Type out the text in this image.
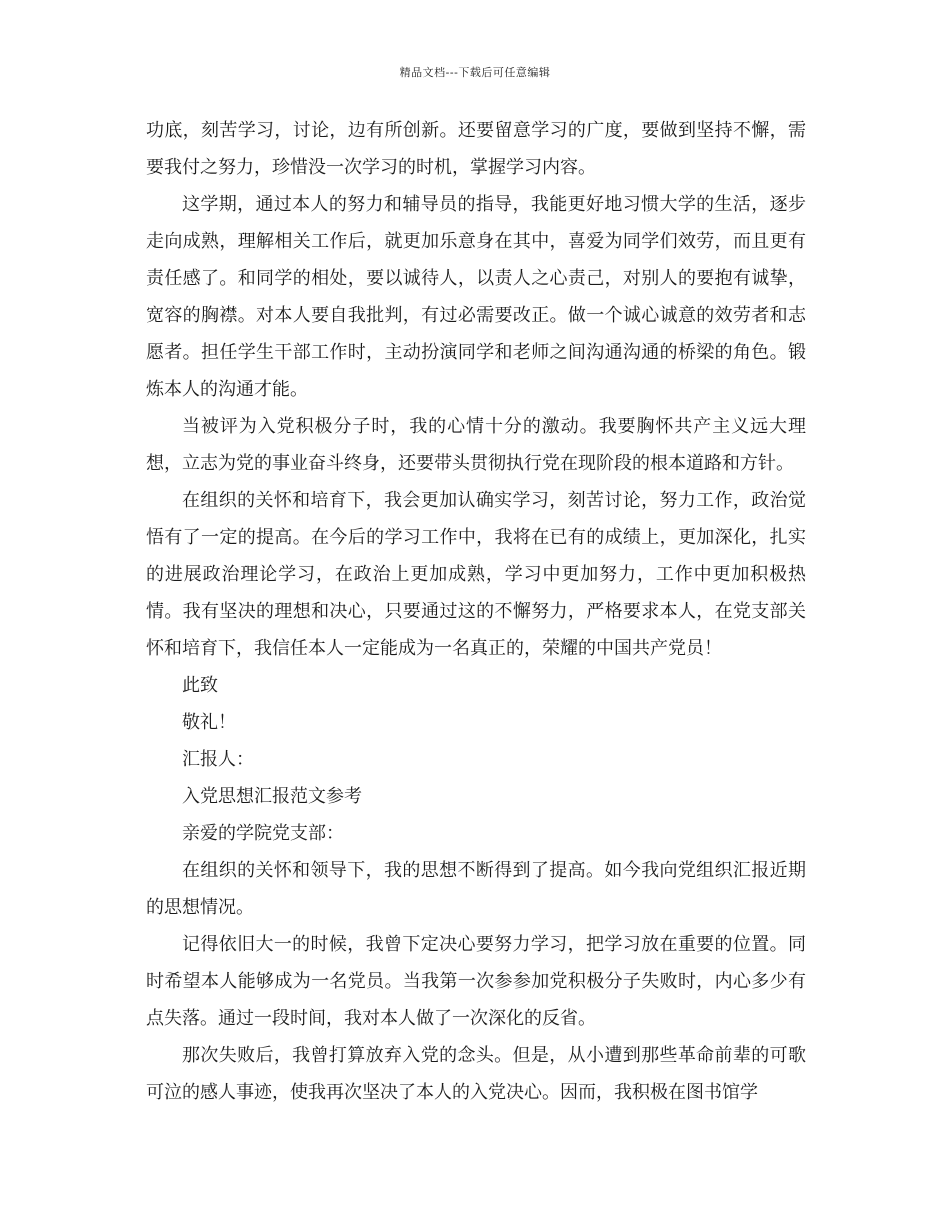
精品文档---下载后可任意编辑

功底，刻苦学习，讨论，边有所创新。还要留意学习的广度，要做到坚持不懈，需要我付之努力，珍惜没一次学习的时机，掌握学习内容。

这学期，通过本人的努力和辅导员的指导，我能更好地习惯大学的生活，逐步走向成熟，理解相关工作后，就更加乐意身在其中，喜爱为同学们效劳，而且更有责任感了。和同学的相处，要以诚待人，以责人之心责己，对别人的要抱有诚挚，宽容的胸襟。对本人要自我批判，有过必需要改正。做一个诚心诚意的效劳者和志愿者。担任学生干部工作时，主动扮演同学和老师之间沟通沟通的桥梁的角色。锻炼本人的沟通才能。

当被评为入党积极分子时，我的心情十分的激动。我要胸怀共产主义远大理想，立志为党的事业奋斗终身，还要带头贯彻执行党在现阶段的根本道路和方针。

在组织的关怀和培育下，我会更加认确实学习，刻苦讨论，努力工作，政治觉悟有了一定的提高。在今后的学习工作中，我将在已有的成绩上，更加深化，扎实的进展政治理论学习，在政治上更加成熟，学习中更加努力，工作中更加积极热情。我有坚决的理想和决心，只要通过这的不懈努力，严格要求本人，在党支部关怀和培育下，我信任本人一定能成为一名真正的，荣耀的中国共产党员！

此致

敬礼！

汇报人：

入党思想汇报范文参考

亲爱的学院党支部：

在组织的关怀和领导下，我的思想不断得到了提高。如今我向党组织汇报近期的思想情况。

记得依旧大一的时候，我曾下定决心要努力学习，把学习放在重要的位置。同时希望本人能够成为一名党员。当我第一次参参加党积极分子失败时，内心多少有点失落。通过一段时间，我对本人做了一次深化的反省。

那次失败后，我曾打算放弃入党的念头。但是，从小遭到那些革命前辈的可歌可泣的感人事迹，使我再次坚决了本人的入党决心。因而，我积极在图书馆学
